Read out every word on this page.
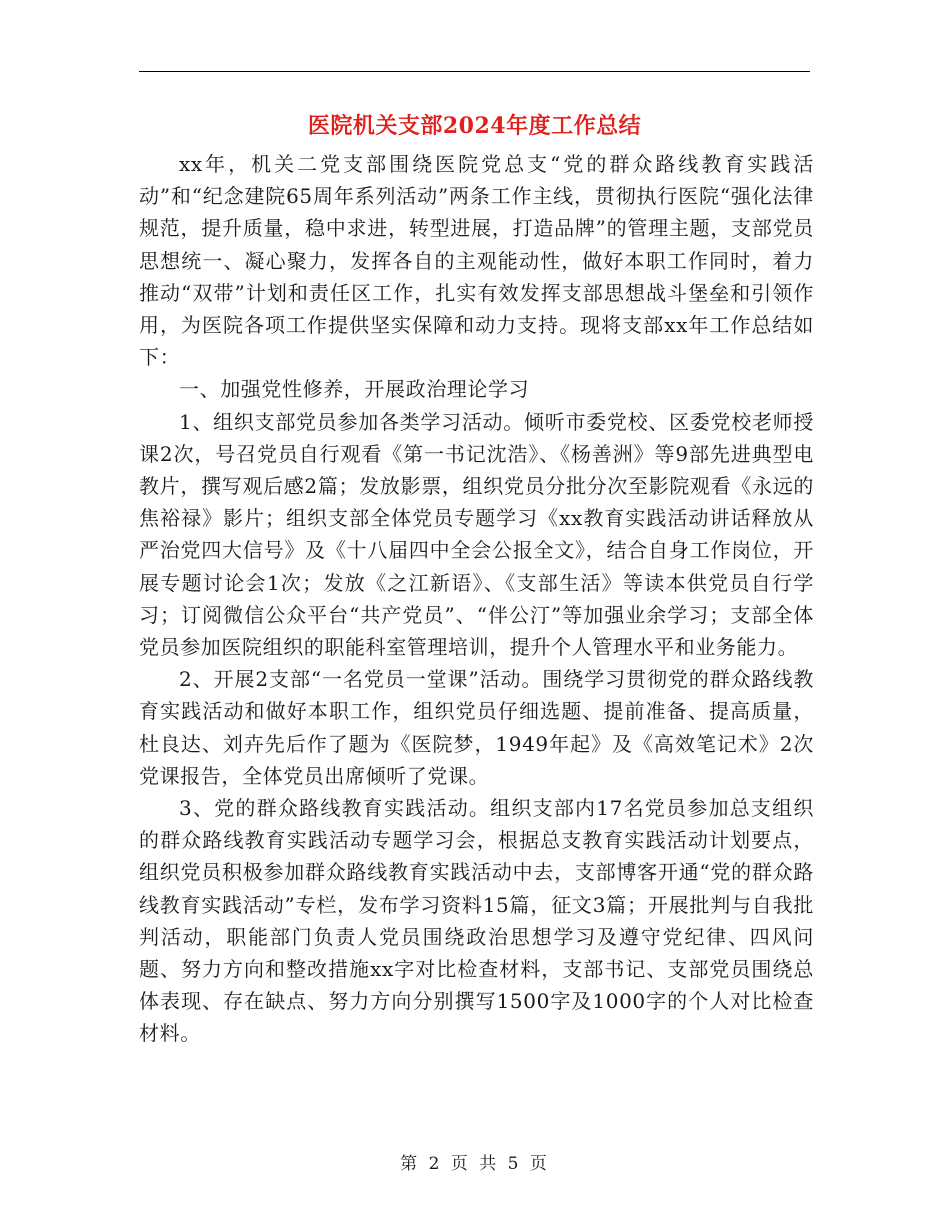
医院机关支部2024年度工作总结

xx年，机关二党支部围绕医院党总支“党的群众路线教育实践活动”和“纪念建院65周年系列活动”两条工作主线，贯彻执行医院“强化法律规范，提升质量，稳中求进，转型进展，打造品牌”的管理主题，支部党员思想统一、凝心聚力，发挥各自的主观能动性，做好本职工作同时，着力推动“双带”计划和责任区工作，扎实有效发挥支部思想战斗堡垒和引领作用，为医院各项工作提供坚实保障和动力支持。现将支部xx年工作总结如下：

一、加强党性修养，开展政治理论学习

1、组织支部党员参加各类学习活动。倾听市委党校、区委党校老师授课2次，号召党员自行观看《第一书记沈浩》、《杨善洲》等9部先进典型电教片，撰写观后感2篇；发放影票，组织党员分批分次至影院观看《永远的焦裕禄》影片；组织支部全体党员专题学习《xx教育实践活动讲话释放从严治党四大信号》及《十八届四中全会公报全文》，结合自身工作岗位，开展专题讨论会1次；发放《之江新语》、《支部生活》等读本供党员自行学习；订阅微信公众平台“共产党员”、“伴公汀”等加强业余学习；支部全体党员参加医院组织的职能科室管理培训，提升个人管理水平和业务能力。

2、开展2支部“一名党员一堂课”活动。围绕学习贯彻党的群众路线教育实践活动和做好本职工作，组织党员仔细选题、提前准备、提高质量，杜良达、刘卉先后作了题为《医院梦，1949年起》及《高效笔记术》2次党课报告，全体党员出席倾听了党课。

3、党的群众路线教育实践活动。组织支部内17名党员参加总支组织的群众路线教育实践活动专题学习会，根据总支教育实践活动计划要点，组织党员积极参加群众路线教育实践活动中去，支部博客开通“党的群众路线教育实践活动”专栏，发布学习资料15篇，征文3篇；开展批判与自我批判活动，职能部门负责人党员围绕政治思想学习及遵守党纪律、四风问题、努力方向和整改措施xx字对比检查材料，支部书记、支部党员围绕总体表现、存在缺点、努力方向分别撰写1500字及1000字的个人对比检查材料。

第 2 页 共 5 页
